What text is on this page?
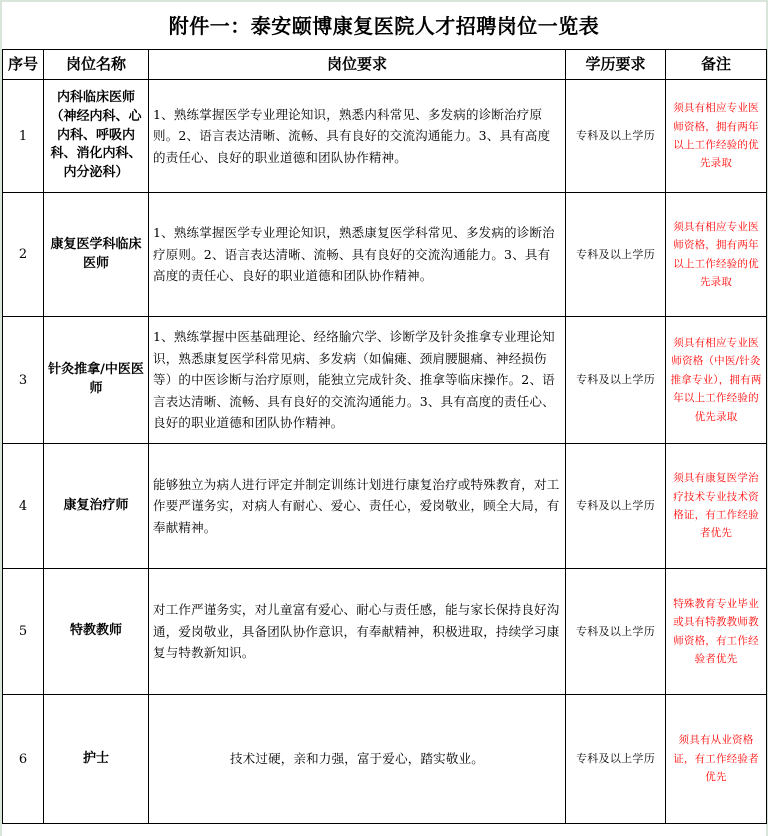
附件一：泰安颐博康复医院人才招聘岗位一览表
序号	岗位名称	岗位要求	学历要求	备注
1	内科临床医师（神经内科、心内科、呼吸内科、消化内科、内分泌科）	1、熟练掌握医学专业理论知识，熟悉内科常见、多发病的诊断治疗原则。2、语言表达清晰、流畅、具有良好的交流沟通能力。3、具有高度的责任心、良好的职业道德和团队协作精神。	专科及以上学历	须具有相应专业医师资格，拥有两年以上工作经验的优先录取
2	康复医学科临床医师	1、熟练掌握医学专业理论知识，熟悉康复医学科常见、多发病的诊断治疗原则。2、语言表达清晰、流畅、具有良好的交流沟通能力。3、具有高度的责任心、良好的职业道德和团队协作精神。	专科及以上学历	须具有相应专业医师资格，拥有两年以上工作经验的优先录取
3	针灸推拿/中医医师	1、熟练掌握中医基础理论、经络腧穴学、诊断学及针灸推拿专业理论知识，熟悉康复医学科常见病、多发病（如偏瘫、颈肩腰腿痛、神经损伤等）的中医诊断与治疗原则，能独立完成针灸、推拿等临床操作。2、语言表达清晰、流畅、具有良好的交流沟通能力。3、具有高度的责任心、良好的职业道德和团队协作精神。	专科及以上学历	须具有相应专业医师资格（中医/针灸推拿专业），拥有两年以上工作经验的优先录取
4	康复治疗师	能够独立为病人进行评定并制定训练计划进行康复治疗或特殊教育，对工作要严谨务实，对病人有耐心、爱心、责任心，爱岗敬业，顾全大局，有奉献精神。	专科及以上学历	须具有康复医学治疗技术专业技术资格证，有工作经验者优先
5	特教教师	对工作严谨务实，对儿童富有爱心、耐心与责任感，能与家长保持良好沟通，爱岗敬业，具备团队协作意识，有奉献精神，积极进取，持续学习康复与特教新知识。	专科及以上学历	特殊教育专业毕业或具有特教教师教师资格，有工作经验者优先
6	护士	技术过硬，亲和力强，富于爱心，踏实敬业。	专科及以上学历	须具有从业资格证，有工作经验者优先
